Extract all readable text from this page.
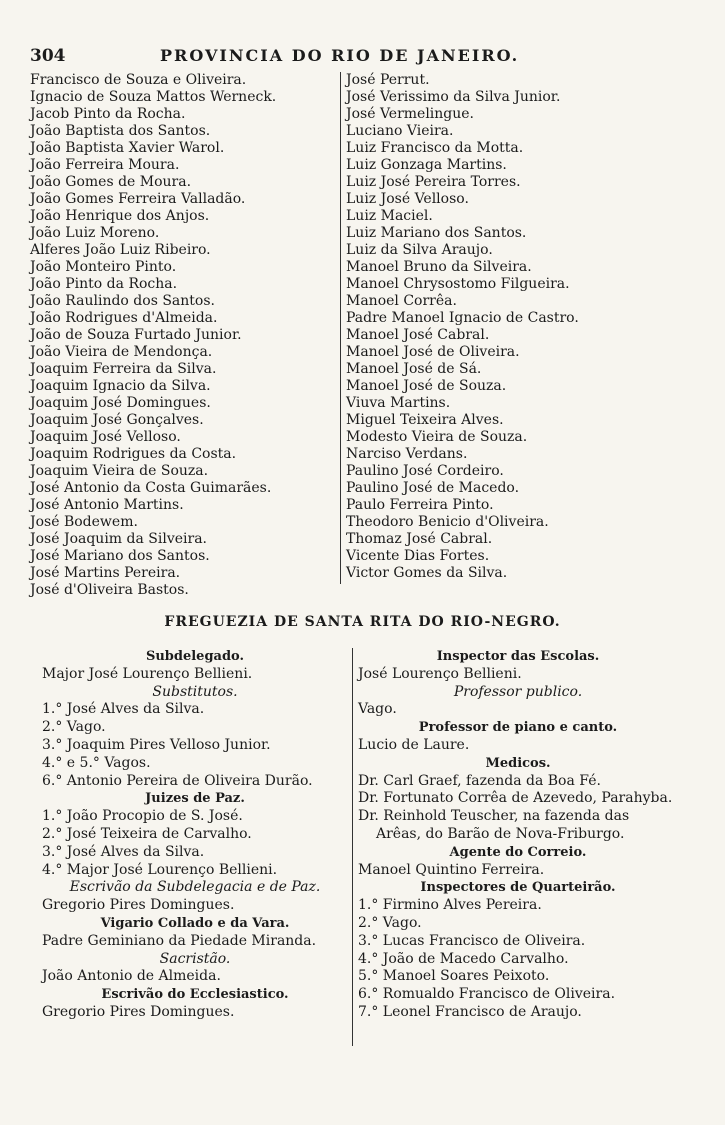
304	PROVINCIA DO RIO DE JANEIRO.
Francisco de Souza e Oliveira.
Ignacio de Souza Mattos Werneck.
Jacob Pinto da Rocha.
João Baptista dos Santos.
João Baptista Xavier Warol.
João Ferreira Moura.
João Gomes de Moura.
João Gomes Ferreira Valladão.
João Henrique dos Anjos.
João Luiz Moreno.
Alferes João Luiz Ribeiro.
João Monteiro Pinto.
João Pinto da Rocha.
João Raulindo dos Santos.
João Rodrigues d'Almeida.
João de Souza Furtado Junior.
João Vieira de Mendonça.
Joaquim Ferreira da Silva.
Joaquim Ignacio da Silva.
Joaquim José Domingues.
Joaquim José Gonçalves.
Joaquim José Velloso.
Joaquim Rodrigues da Costa.
Joaquim Vieira de Souza.
José Antonio da Costa Guimarães.
José Antonio Martins.
José Bodewem.
José Joaquim da Silveira.
José Mariano dos Santos.
José Martins Pereira.
José d'Oliveira Bastos.
José Perrut.
José Verissimo da Silva Junior.
José Vermelingue.
Luciano Vieira.
Luiz Francisco da Motta.
Luiz Gonzaga Martins.
Luiz José Pereira Torres.
Luiz José Velloso.
Luiz Maciel.
Luiz Mariano dos Santos.
Luiz da Silva Araujo.
Manoel Bruno da Silveira.
Manoel Chrysostomo Filgueira.
Manoel Corrêa.
Padre Manoel Ignacio de Castro.
Manoel José Cabral.
Manoel José de Oliveira.
Manoel José de Sá.
Manoel José de Souza.
Viuva Martins.
Miguel Teixeira Alves.
Modesto Vieira de Souza.
Narciso Verdans.
Paulino José Cordeiro.
Paulino José de Macedo.
Paulo Ferreira Pinto.
Theodoro Benicio d'Oliveira.
Thomaz José Cabral.
Vicente Dias Fortes.
Victor Gomes da Silva.
FREGUEZIA DE SANTA RITA DO RIO-NEGRO.
Subdelegado.
Major José Lourenço Bellieni.
Substitutos.
1.° José Alves da Silva.
2.° Vago.
3.° Joaquim Pires Velloso Junior.
4.° e 5.° Vagos.
6.° Antonio Pereira de Oliveira Durão.
Juizes de Paz.
1.° João Procopio de S. José.
2.° José Teixeira de Carvalho.
3.° José Alves da Silva.
4.° Major José Lourenço Bellieni.
Escrivão da Subdelegacia e de Paz.
Gregorio Pires Domingues.
Vigario Collado e da Vara.
Padre Geminiano da Piedade Miranda.
Sacristão.
João Antonio de Almeida.
Escrivão do Ecclesiastico.
Gregorio Pires Domingues.
Inspector das Escolas.
José Lourenço Bellieni.
Professor publico.
Vago.
Professor de piano e canto.
Lucio de Laure.
Medicos.
Dr. Carl Graef, fazenda da Boa Fé.
Dr. Fortunato Corrêa de Azevedo, Parahyba.
Dr. Reinhold Teuscher, na fazenda das
Arêas, do Barão de Nova-Friburgo.
Agente do Correio.
Manoel Quintino Ferreira.
Inspectores de Quarteirão.
1.° Firmino Alves Pereira.
2.° Vago.
3.° Lucas Francisco de Oliveira.
4.° João de Macedo Carvalho.
5.° Manoel Soares Peixoto.
6.° Romualdo Francisco de Oliveira.
7.° Leonel Francisco de Araujo.
